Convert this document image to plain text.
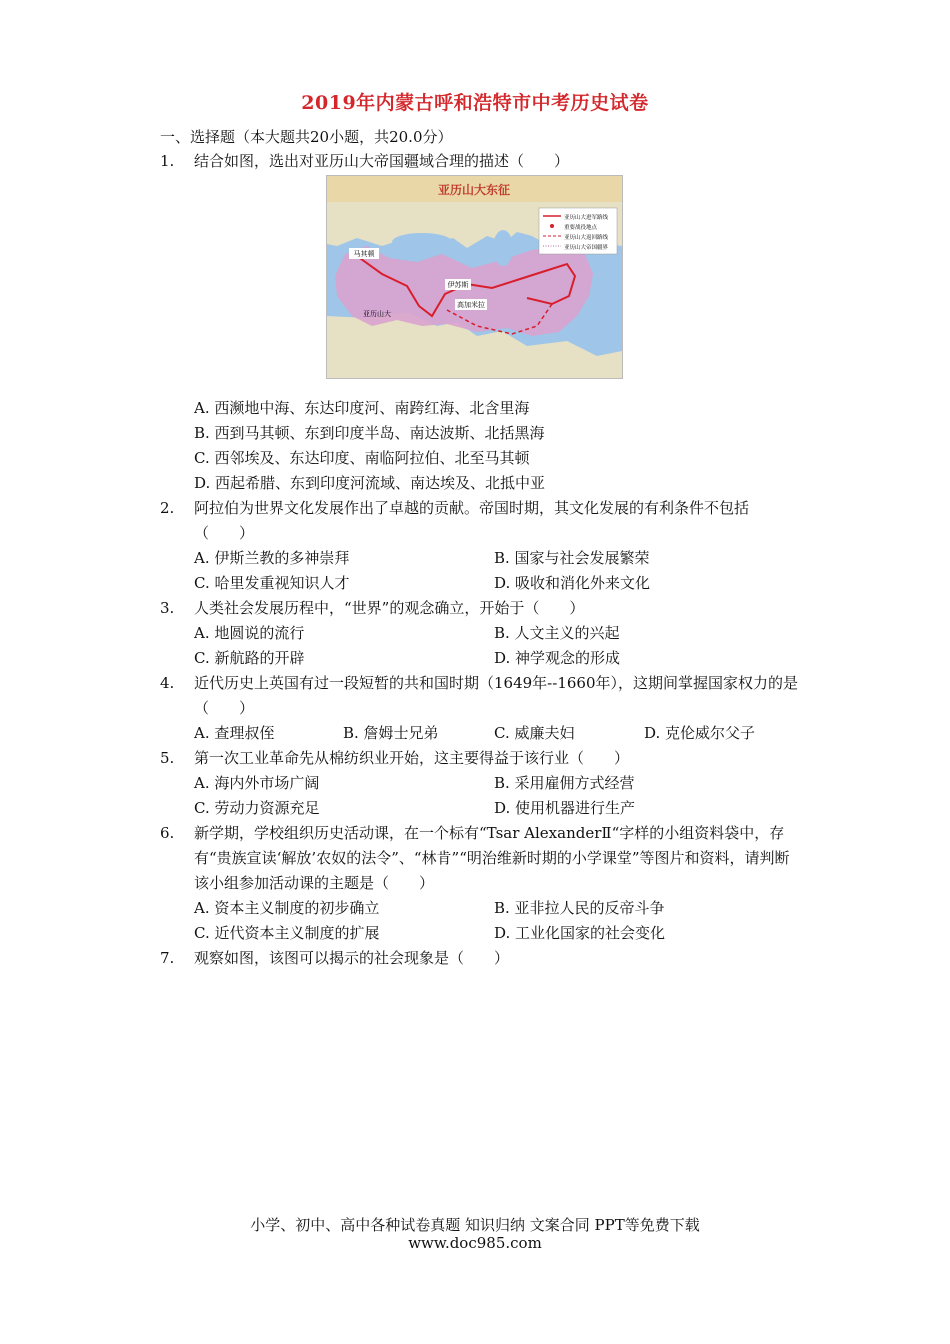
2019年内蒙古呼和浩特市中考历史试卷
一、选择题（本大题共20小题，共20.0分）
1. 结合如图，选出对亚历山大帝国疆域合理的描述（　　）
亚历山大东征
马其顿
伊苏斯
高加米拉
亚历山大
亚历山大进军路线
重要战役地点
亚历山大返回路线
亚历山大帝国疆界
A. 西濒地中海、东达印度河、南跨红海、北含里海
B. 西到马其顿、东到印度半岛、南达波斯、北括黑海
C. 西邻埃及、东达印度、南临阿拉伯、北至马其顿
D. 西起希腊、东到印度河流域、南达埃及、北抵中亚
2. 阿拉伯为世界文化发展作出了卓越的贡献。帝国时期，其文化发展的有利条件不包括（　　）
A. 伊斯兰教的多神崇拜	B. 国家与社会发展繁荣
C. 哈里发重视知识人才	D. 吸收和消化外来文化
3. 人类社会发展历程中，“世界”的观念确立，开始于（　　）
A. 地圆说的流行	B. 人文主义的兴起
C. 新航路的开辟	D. 神学观念的形成
4. 近代历史上英国有过一段短暂的共和国时期（1649年--1660年），这期间掌握国家权力的是（　　）
A. 查理叔侄	B. 詹姆士兄弟	C. 威廉夫妇	D. 克伦威尔父子
5. 第一次工业革命先从棉纺织业开始，这主要得益于该行业（　　）
A. 海内外市场广阔	B. 采用雇佣方式经营
C. 劳动力资源充足	D. 使用机器进行生产
6. 新学期，学校组织历史活动课，在一个标有“Tsar AlexanderⅡ“字样的小组资料袋中，存有“贵族宣读‘解放’农奴的法令”、“林肯”“明治维新时期的小学课堂”等图片和资料，请判断该小组参加活动课的主题是（　　）
A. 资本主义制度的初步确立	B. 亚非拉人民的反帝斗争
C. 近代资本主义制度的扩展	D. 工业化国家的社会变化
7. 观察如图，该图可以揭示的社会现象是（　　）
小学、初中、高中各种试卷真题 知识归纳 文案合同 PPT等免费下载
www.doc985.com
